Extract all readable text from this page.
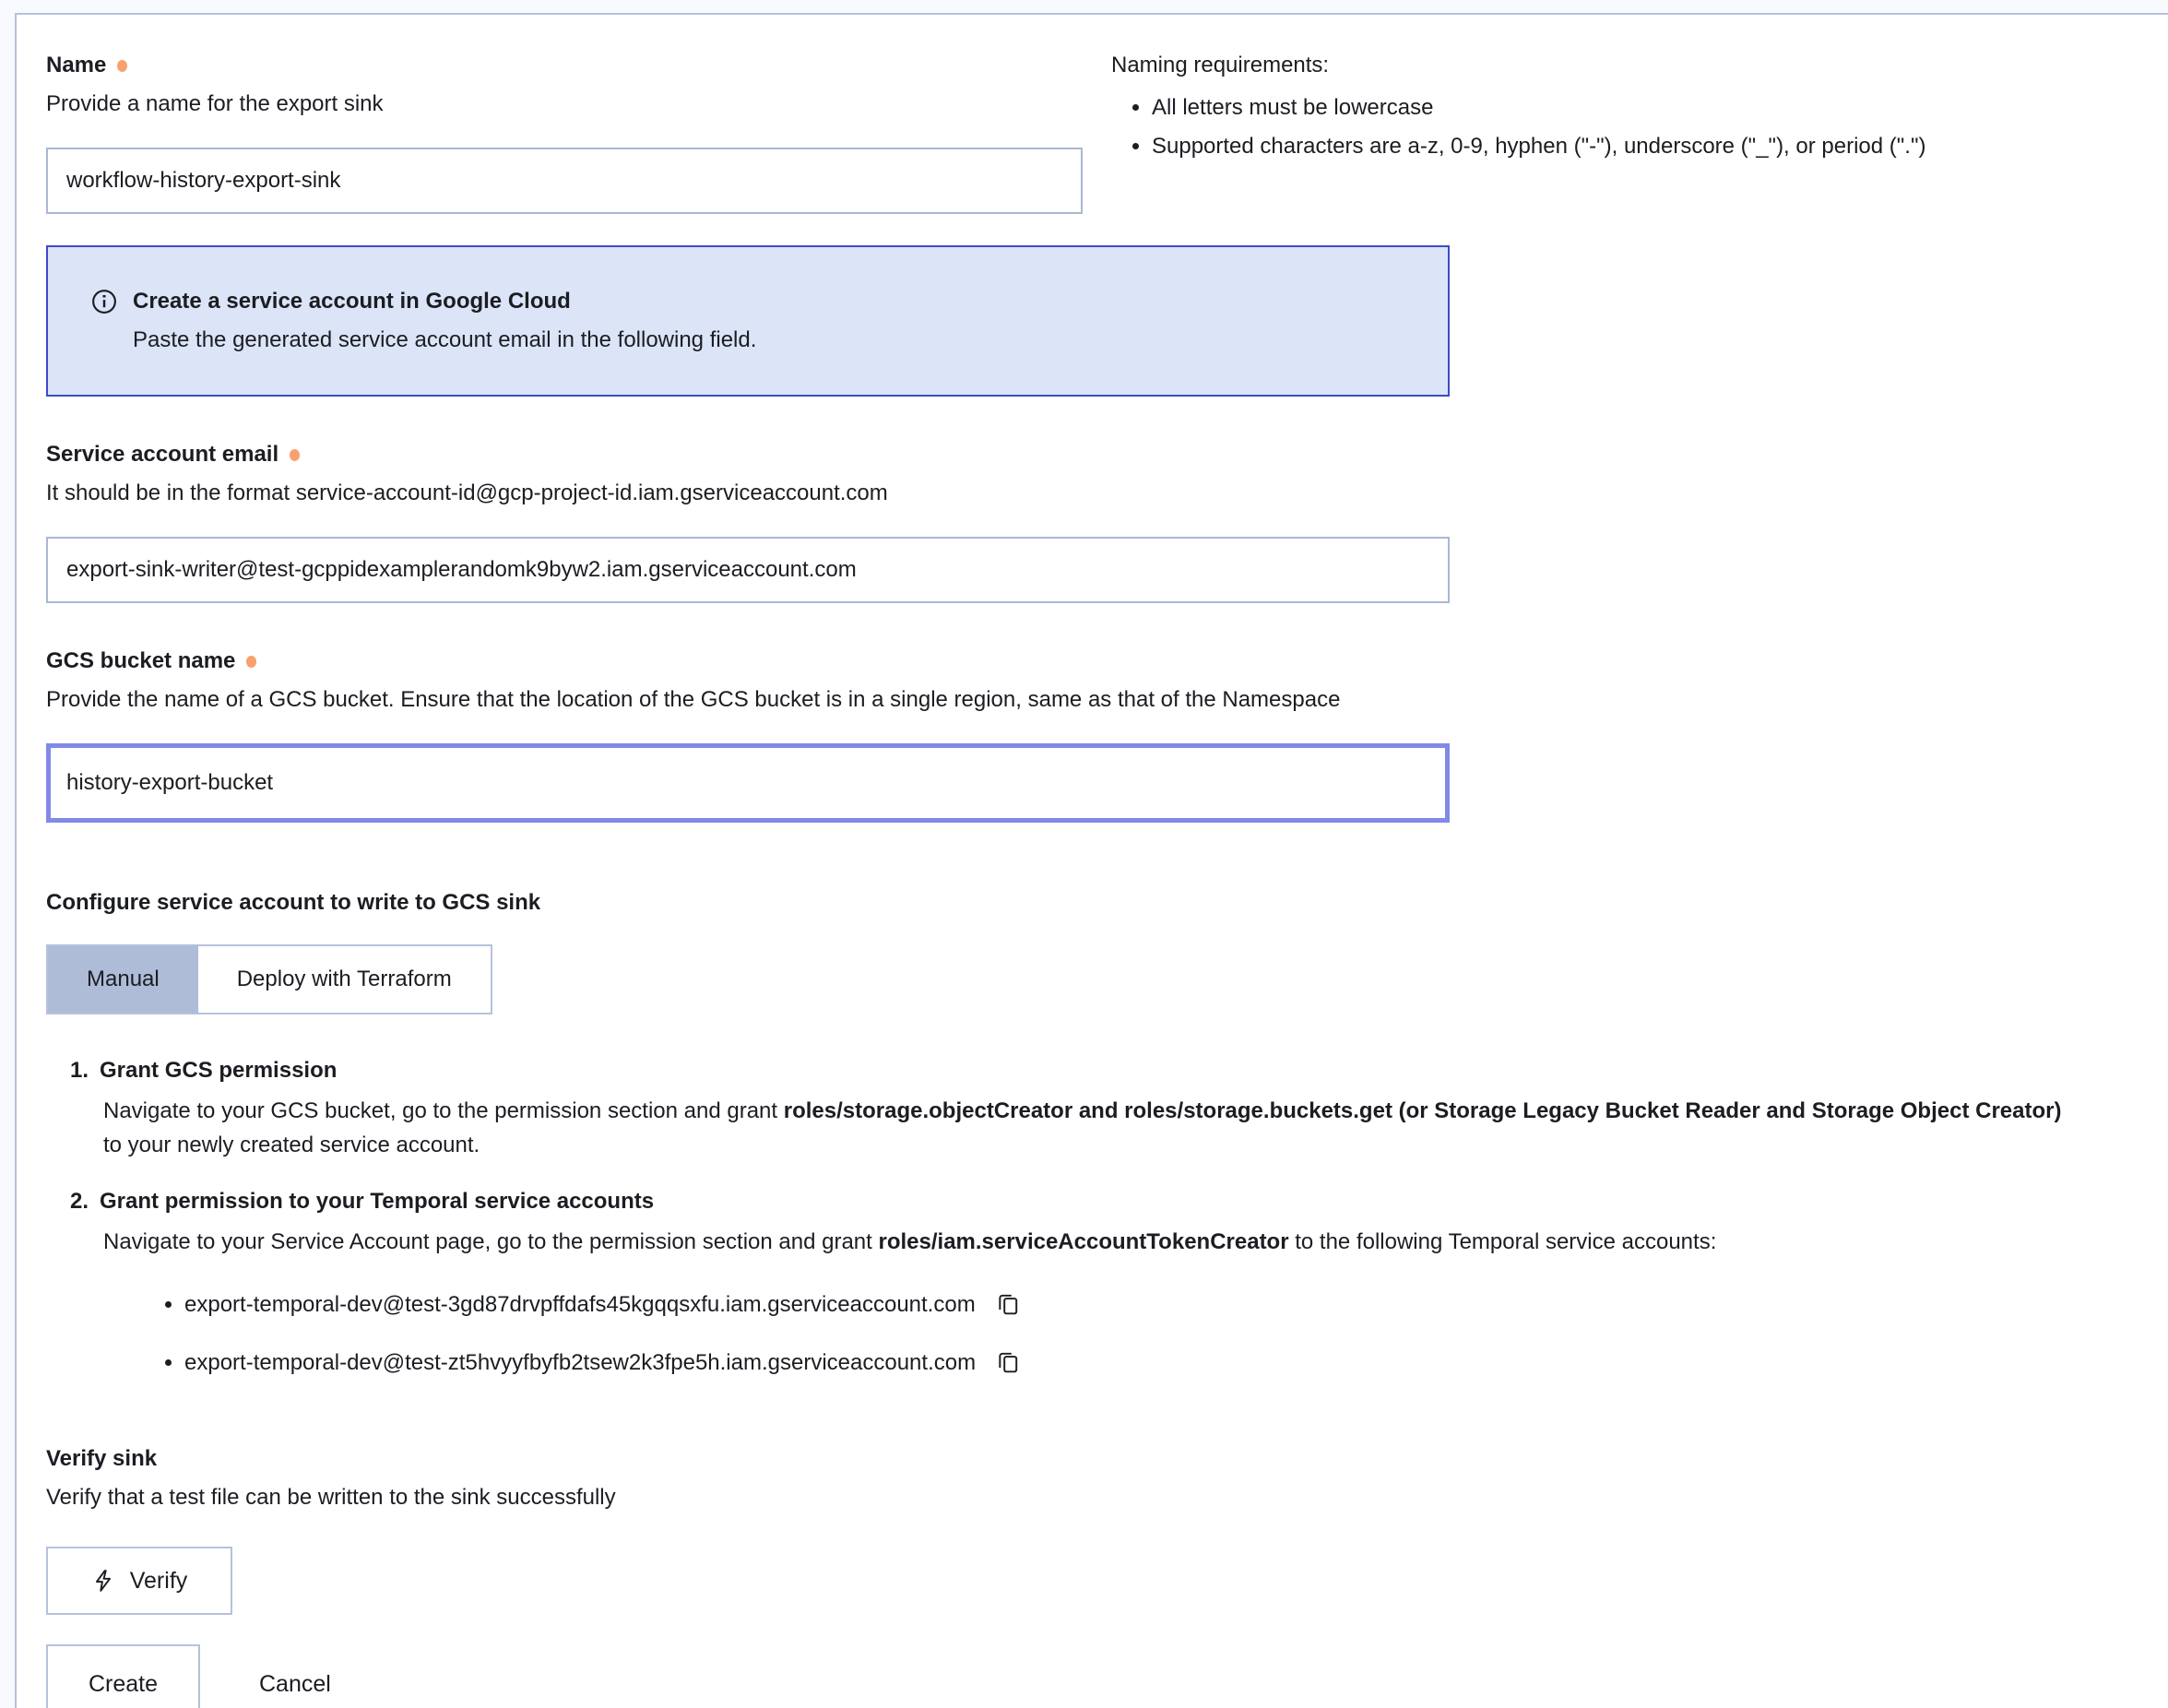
Name
Provide a name for the export sink
workflow-history-export-sink
Naming requirements:
• All letters must be lowercase
• Supported characters are a-z, 0-9, hyphen ("-"), underscore ("_"), or period (".")
Create a service account in Google Cloud
Paste the generated service account email in the following field.
Service account email
It should be in the format service-account-id@gcp-project-id.iam.gserviceaccount.com
export-sink-writer@test-gcppidexamplerandomk9byw2.iam.gserviceaccount.com
GCS bucket name
Provide the name of a GCS bucket. Ensure that the location of the GCS bucket is in a single region, same as that of the Namespace
history-export-bucket
Configure service account to write to GCS sink
Manual	Deploy with Terraform
1. Grant GCS permission

Navigate to your GCS bucket, go to the permission section and grant roles/storage.objectCreator and roles/storage.buckets.get (or Storage Legacy Bucket Reader and Storage Object Creator) to your newly created service account.

2. Grant permission to your Temporal service accounts

Navigate to your Service Account page, go to the permission section and grant roles/iam.serviceAccountTokenCreator to the following Temporal service accounts:

• export-temporal-dev@test-3gd87drvpffdafs45kgqqsxfu.iam.gserviceaccount.com
• export-temporal-dev@test-zt5hvyyfbyfb2tsew2k3fpe5h.iam.gserviceaccount.com
Verify sink
Verify that a test file can be written to the sink successfully
Verify
Create	Cancel
